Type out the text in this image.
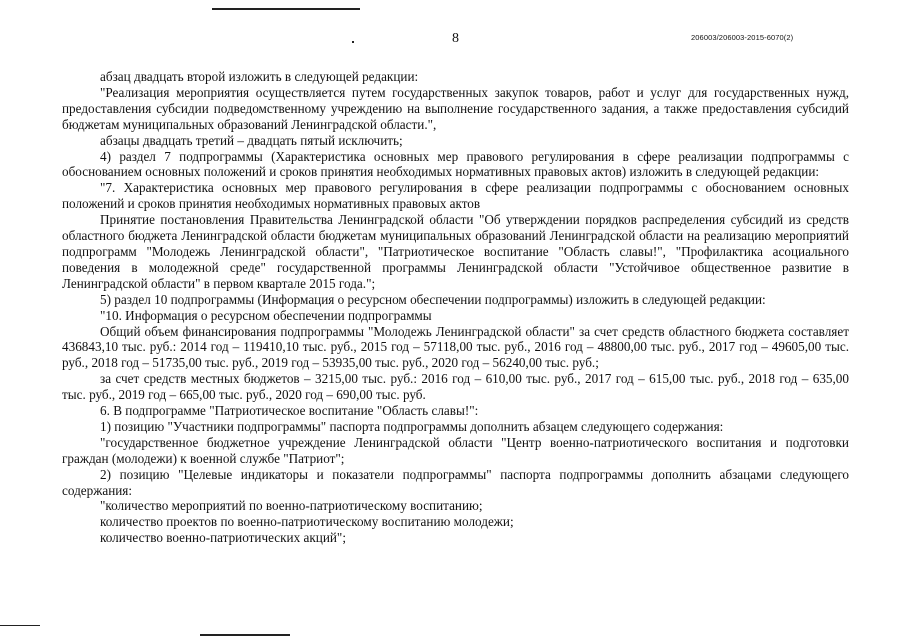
8	206003/206003-2015-6070(2)

абзац двадцать второй изложить в следующей редакции:

"Реализация мероприятия осуществляется путем государственных закупок товаров, работ и услуг для государственных нужд, предоставления субсидии подведомственному учреждению на выполнение государственного задания, а также предоставления субсидий бюджетам муниципальных образований Ленинградской области.",

абзацы двадцать третий – двадцать пятый исключить;

4) раздел 7 подпрограммы (Характеристика основных мер правового регулирования в сфере реализации подпрограммы с обоснованием основных положений и сроков принятия необходимых нормативных правовых актов) изложить в следующей редакции:

"7. Характеристика основных мер правового регулирования в сфере реализации подпрограммы с обоснованием основных положений и сроков принятия необходимых нормативных правовых актов

Принятие постановления Правительства Ленинградской области "Об утверждении порядков распределения субсидий из средств областного бюджета Ленинградской области бюджетам муниципальных образований Ленинградской области на реализацию мероприятий подпрограмм "Молодежь Ленинградской области", "Патриотическое воспитание "Область славы!", "Профилактика асоциального поведения в молодежной среде" государственной программы Ленинградской области "Устойчивое общественное развитие в Ленинградской области" в первом квартале 2015 года.";

5) раздел 10 подпрограммы (Информация о ресурсном обеспечении подпрограммы) изложить в следующей редакции:

"10. Информация о ресурсном обеспечении подпрограммы

Общий объем финансирования подпрограммы "Молодежь Ленинградской области" за счет средств областного бюджета составляет 436843,10 тыс. руб.: 2014 год – 119410,10 тыс. руб., 2015 год – 57118,00 тыс. руб., 2016 год – 48800,00 тыс. руб., 2017 год – 49605,00 тыс. руб., 2018 год – 51735,00 тыс. руб., 2019 год – 53935,00 тыс. руб., 2020 год – 56240,00 тыс. руб.;

за счет средств местных бюджетов – 3215,00 тыс. руб.: 2016 год – 610,00 тыс. руб., 2017 год – 615,00 тыс. руб., 2018 год – 635,00 тыс. руб., 2019 год – 665,00 тыс. руб., 2020 год – 690,00 тыс. руб.

6. В подпрограмме "Патриотическое воспитание "Область славы!":

1) позицию "Участники подпрограммы" паспорта подпрограммы дополнить абзацем следующего содержания:

"государственное бюджетное учреждение Ленинградской области "Центр военно-патриотического воспитания и подготовки граждан (молодежи) к военной службе "Патриот";

2) позицию "Целевые индикаторы и показатели подпрограммы" паспорта подпрограммы дополнить абзацами следующего содержания:

"количество мероприятий по военно-патриотическому воспитанию;

количество проектов по военно-патриотическому воспитанию молодежи;

количество военно-патриотических акций";
